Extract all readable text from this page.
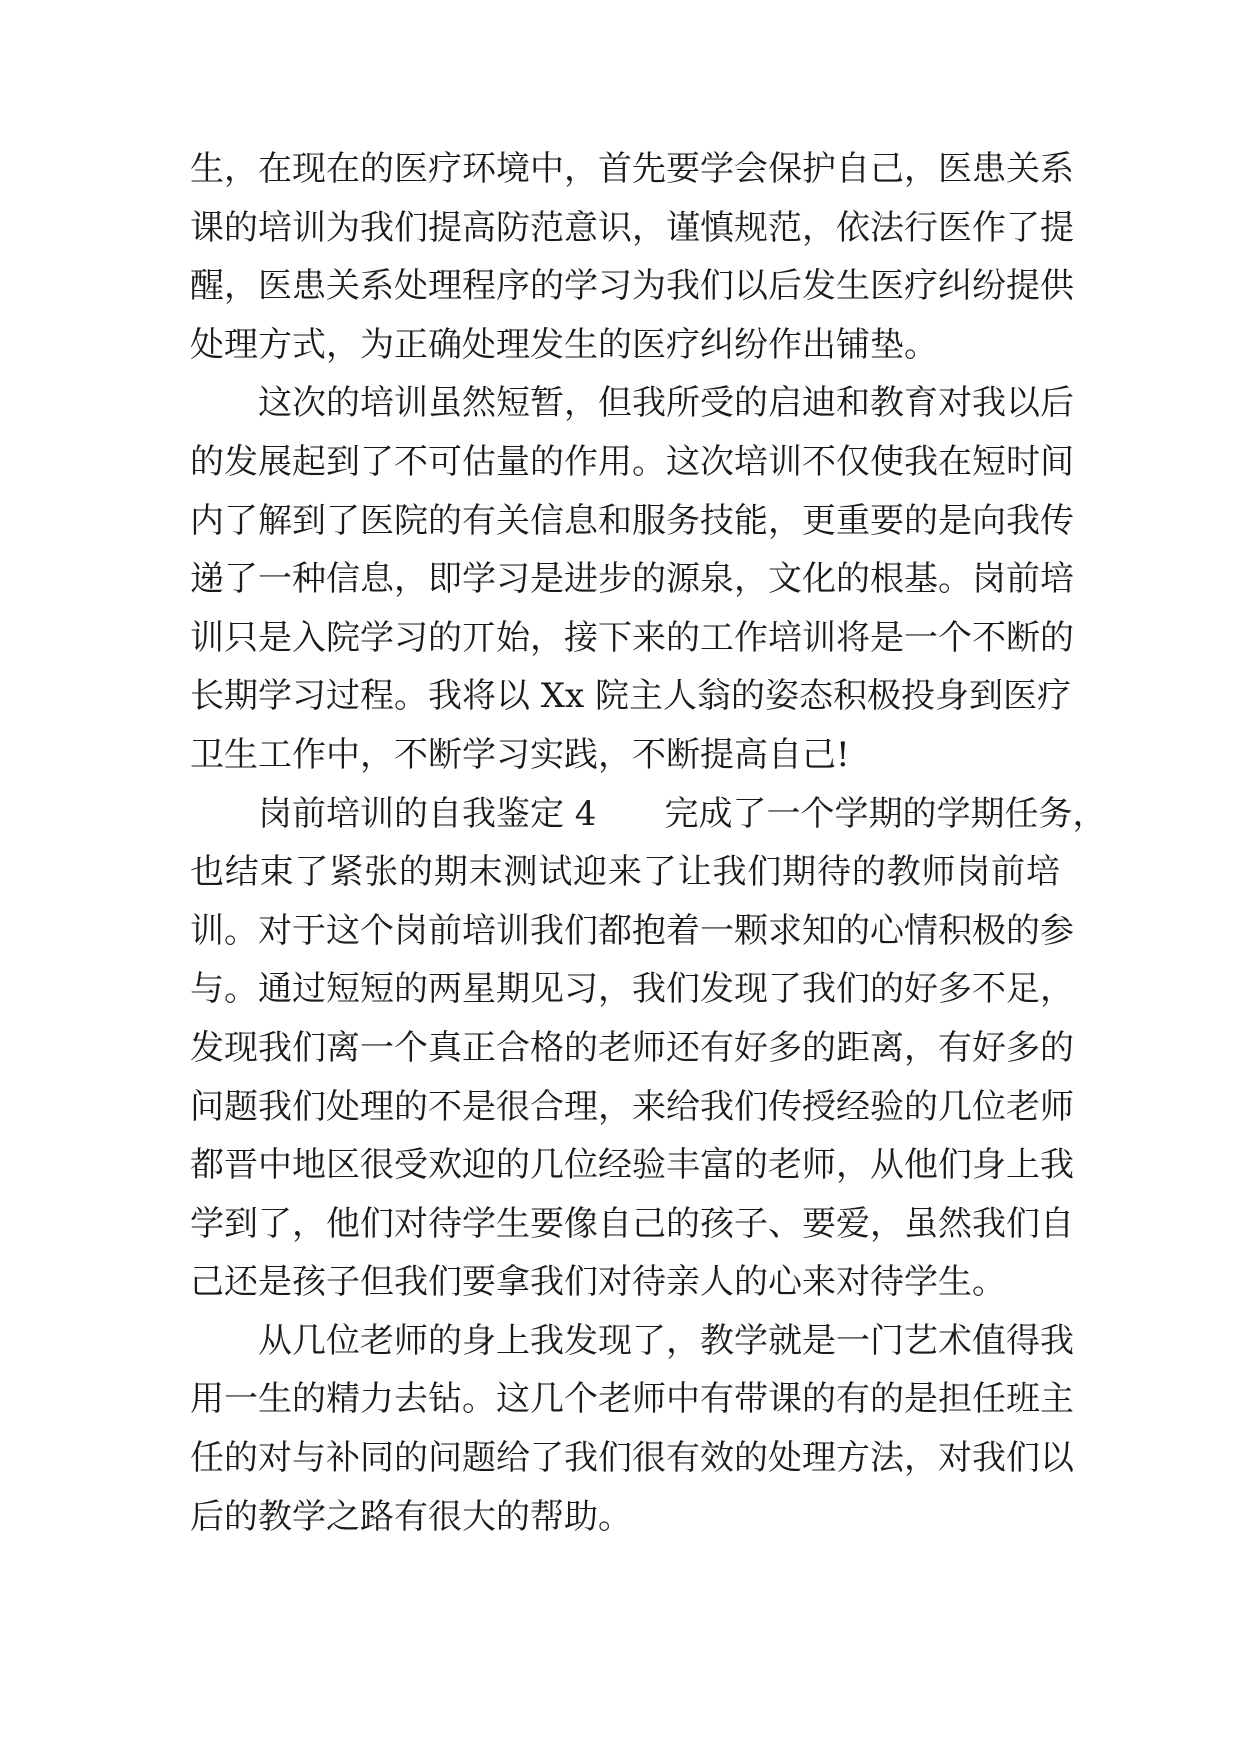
生，在现在的医疗环境中，首先要学会保护自己，医患关系
课的培训为我们提高防范意识，谨慎规范，依法行医作了提
醒，医患关系处理程序的学习为我们以后发生医疗纠纷提供
处理方式，为正确处理发生的医疗纠纷作出铺垫。
这次的培训虽然短暂，但我所受的启迪和教育对我以后
的发展起到了不可估量的作用。这次培训不仅使我在短时间
内了解到了医院的有关信息和服务技能，更重要的是向我传
递了一种信息，即学习是进步的源泉，文化的根基。岗前培
训只是入院学习的丌始，接下来的工作培训将是一个不断的
长期学习过程。我将以 Xx 院主人翁的姿态积极投身到医疗
卫生工作中，不断学习实践，不断提高自己!
岗前培训的自我鉴定 4　　完成了一个学期的学期任务，
也结束了紧张的期末测试迎来了让我们期待的教师岗前培
训。对于这个岗前培训我们都抱着一颗求知的心情积极的参
与。通过短短的两星期见习，我们发现了我们的好多不足，
发现我们离一个真正合格的老师还有好多的距离，有好多的
问题我们处理的不是很合理，来给我们传授经验的几位老师
都晋中地区很受欢迎的几位经验丰富的老师，从他们身上我
学到了，他们对待学生要像自己的孩子、要爱，虽然我们自
己还是孩子但我们要拿我们对待亲人的心来对待学生。
从几位老师的身上我发现了，教学就是一门艺术值得我
用一生的精力去钻。这几个老师中有带课的有的是担任班主
任的对与补同的问题给了我们很有效的处理方法，对我们以
后的教学之路有很大的帮助。
